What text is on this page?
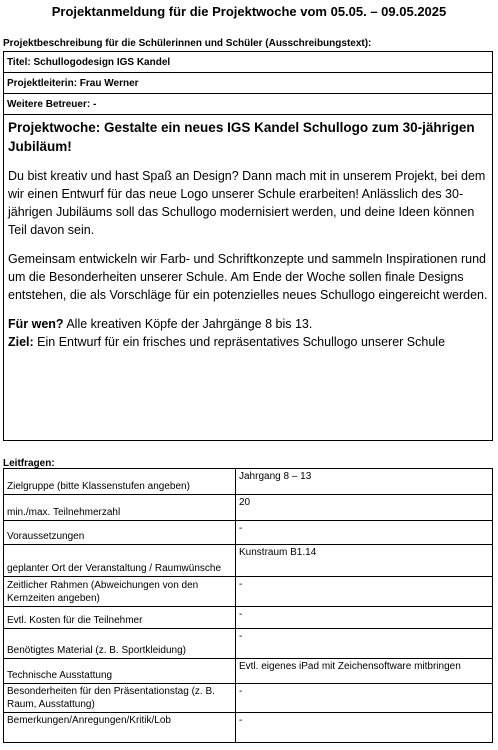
Projektanmeldung für die Projektwoche vom 05.05. – 09.05.2025
Projektbeschreibung für die Schülerinnen und Schüler (Ausschreibungstext):
Titel: Schullogodesign IGS Kandel
Projektleiterin: Frau Werner
Weitere Betreuer: -
Projektwoche: Gestalte ein neues IGS Kandel Schullogo zum 30-jährigen Jubiläum!

Du bist kreativ und hast Spaß an Design? Dann mach mit in unserem Projekt, bei dem wir einen Entwurf für das neue Logo unserer Schule erarbeiten! Anlässlich des 30-jährigen Jubiläums soll das Schullogo modernisiert werden, und deine Ideen können Teil davon sein.

Gemeinsam entwickeln wir Farb- und Schriftkonzepte und sammeln Inspirationen rund um die Besonderheiten unserer Schule. Am Ende der Woche sollen finale Designs entstehen, die als Vorschläge für ein potenzielles neues Schullogo eingereicht werden.

Für wen? Alle kreativen Köpfe der Jahrgänge 8 bis 13.
Ziel: Ein Entwurf für ein frisches und repräsentatives Schullogo unserer Schule
Leitfragen:
Zielgruppe (bitte Klassenstufen angeben)	Jahrgang 8 – 13
min./max. Teilnehmerzahl	20
Voraussetzungen	-
geplanter Ort der Veranstaltung / Raumwünsche	Kunstraum B1.14
Zeitlicher Rahmen (Abweichungen von den Kernzeiten angeben)	-
Evtl. Kosten für die Teilnehmer	-
Benötigtes Material (z. B. Sportkleidung)	-
Technische Ausstattung	Evtl. eigenes iPad mit Zeichensoftware mitbringen
Besonderheiten für den Präsentationstag (z. B. Raum, Ausstattung)	-
Bemerkungen/Anregungen/Kritik/Lob	-
